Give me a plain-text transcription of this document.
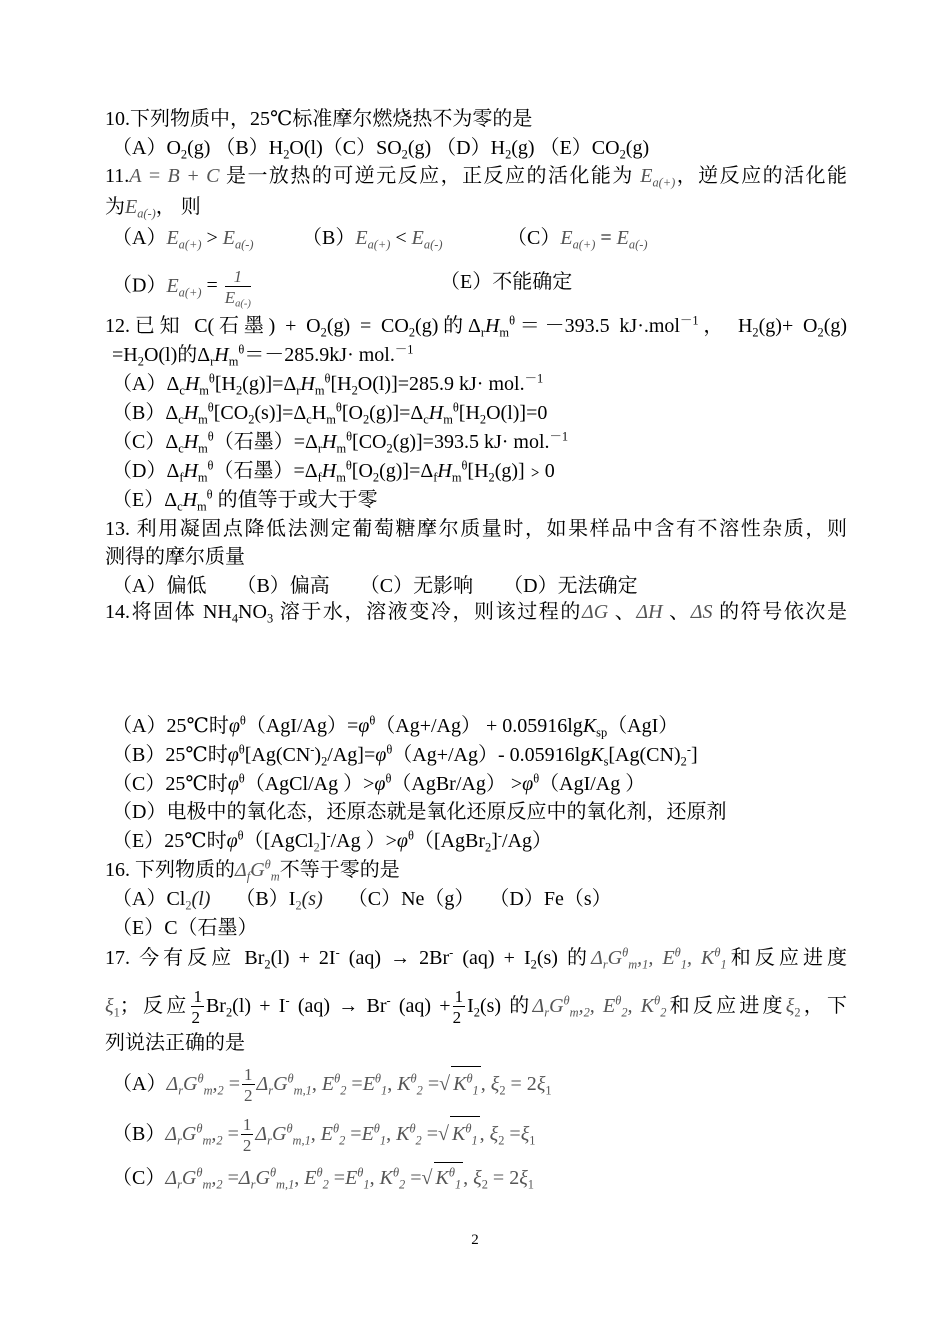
10.下列物质中，25℃标准摩尔燃烧热不为零的是
$(A)O_2(g)$ $(B)H_2O(l)(C)SO_2(g)$ $(D)H_2(g)$ $(E)CO_2(g)$
11.A = B + C 是一放热的可逆元反应，正反应的活化能为 $E_{a(+)}$，逆反应的活化能
为$E_{a(-)}$， 则
$(A)E_{a(+)} > E_{a(-)}$ $(B)E_{a(+)} < E_{a(-)}$	$(C)E_{a(+)} = E_{a(-)}$
$(D)E_{a(+)} = \frac{1}{E_{a(-)}}$	（E）不能确定
12.已知 C(石墨) + $O_2(g) = CO_2(g)$的$\Delta_rH_m^\theta=-393.5$ kJ·.mol$^{-1}$， $H_2(g)+ O_2(g)$
$=H_2O(l)$的$\Delta_rH_m^\theta=-285.9kJ\cdot mol.^{-1}$
$(A)\Delta_cH_m^\theta[H_2(g)]=\Delta_rH_m^\theta[H_2O(l)]=285.9$ kJ· mol.$^{-1}$
$(B)\Delta_cH_m^\theta[CO_2(s)]=\Delta_cH_m^\theta[O_2(g)]=\Delta_cH_m^\theta[H_2O(l)]=0$
$(C)\Delta_cH_m^\theta$（石墨）$=\Delta_rH_m^\theta[CO_2(g)]=393.5$ kJ· mol.$^{-1}$
$(D)\Delta_fH_m^\theta$（石墨）$=\Delta_fH_m^\theta[O_2(g)]=\Delta_fH_m^\theta[H_2(g)]﹥0$
$(E)\Delta_cH_m^\theta$ 的值等于或大于零
13. 利用凝固点降低法测定葡萄糖摩尔质量时，如果样品中含有不溶性杂质，则
测得的摩尔质量
（A）偏低　　（B）偏高　　（C）无影响　　（D）无法确定
14.将固体 $NH_4NO_3$ 溶于水，溶液变冷，则该过程的ΔG 、ΔH 、ΔS 的符号依次是
（A）25℃时$\varphi^\theta(AgI/Ag)=\varphi^\theta(Ag+/Ag) + 0.05916\lg K_{sp}(AgI)$
（B）25℃时$\varphi^\theta[Ag(CN^-)_2/Ag]=\varphi^\theta(Ag+/Ag)-$ $0.05916\lg K_s[Ag(CN)_2^-]$
（C）25℃时$\varphi^\theta(AgCl/Ag$ ）$>\varphi^\theta(AgBr/Ag) >\varphi^\theta(AgI/Ag$ ）
（D）电极中的氧化态，还原态就是氧化还原反应中的氧化剂，还原剂
（E）25℃时$\varphi^\theta([AgCl_2]^-/Ag$ ）$>\varphi^\theta([AgBr_2]^-/Ag)$
16. 下列物质的$\Delta_fG^\theta_m$不等于零的是
$(A)Cl_2(l)$　 $(B)I_2(s)$　 （C）Ne（g）　 （D）Fe（s）
（E）C（石墨）
17. 今有反应 $Br_2(l) + 2I^-$ (aq) → 2Br- $(aq) + I_2(s)$ 的$\Delta_rG^\theta_m,_1$, $E^\theta_1$, $K^\theta_1$和反应进度
$\xi_1$；反应 $\frac{1}{2} Br_2(l) + I^-$ (aq) → Br- $(aq) + \frac{1}{2} I_2(s)$ 的$\Delta_rG^\theta_m,_2$, $E^\theta_2$, $K^\theta_2$和反应进度$\xi_2$，下
列说法正确的是
$(A)\Delta_rG^\theta_m,_2 = \frac{1}{2} \Delta_rG^\theta_{m,1}$, $E^\theta_2 =E^\theta_1$, $K^\theta_2$ =√ $K^\theta_1$ , $\xi_2 = 2\xi_1$
$(B)\Delta_rG^\theta_m,_2 = \frac{1}{2} \Delta_rG^\theta_{m,1}$, $E^\theta_2 =E^\theta_1$, $K^\theta_2$ =√ $K^\theta_1$ , $\xi_2 =\xi_1$
$(C)\Delta_rG^\theta_m,_2 =\Delta_rG^\theta_{m,1}$, $E^\theta_2 =E^\theta_1$, $K^\theta_2$ =√ $K^\theta_1$ , $\xi_2 = 2\xi_1$
2
